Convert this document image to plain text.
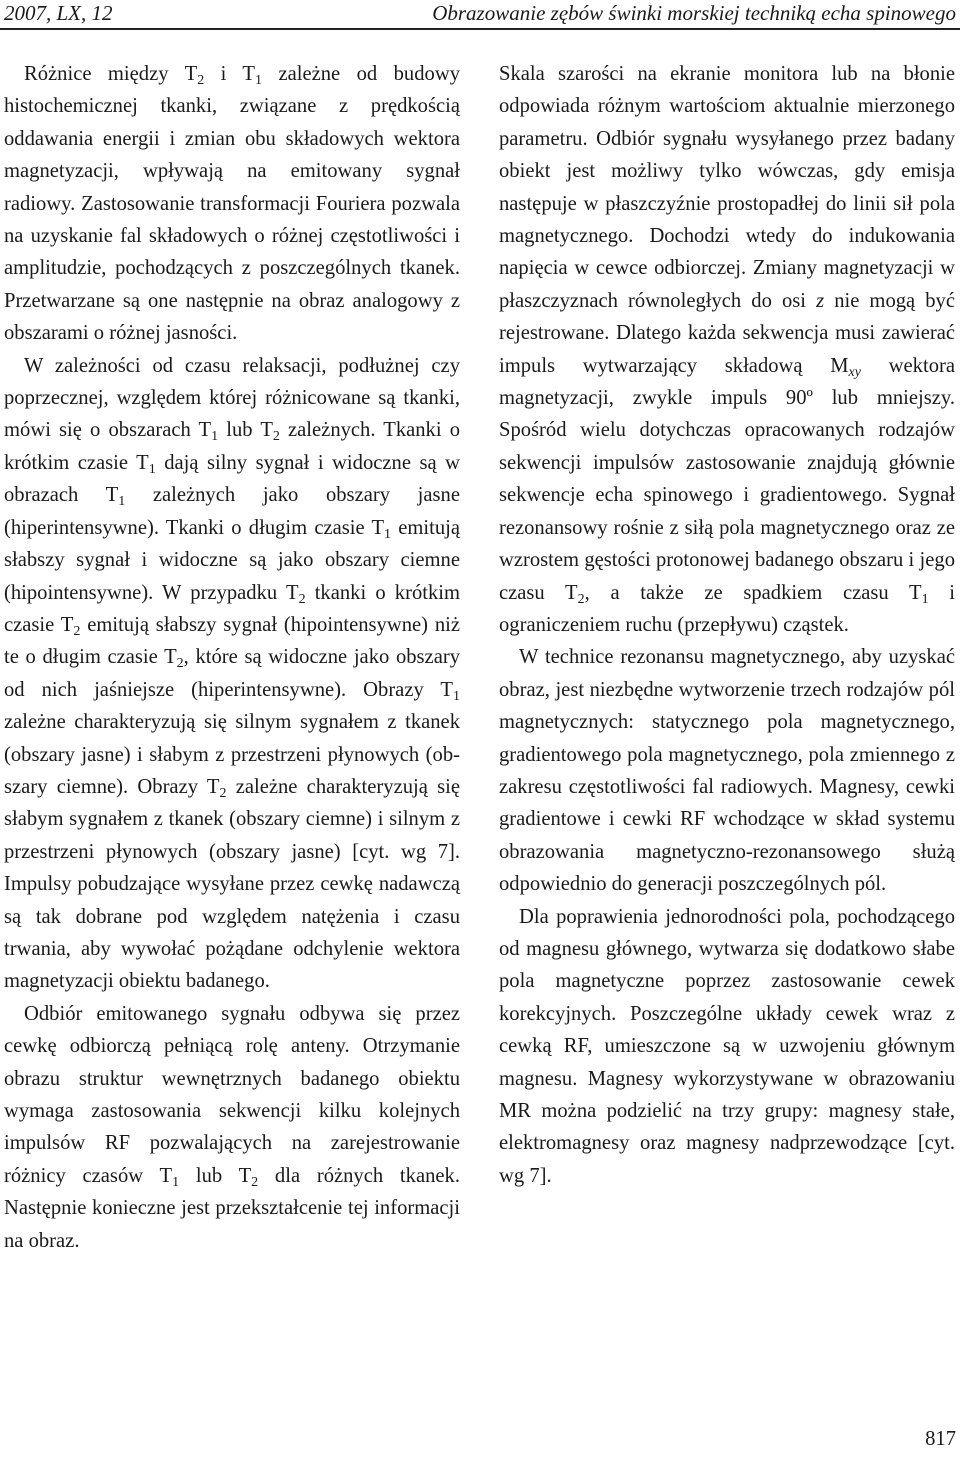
2007, LX, 12	Obrazowanie zębów świnki morskiej techniką echa spinowego

Różnice między $T_2$ i $T_1$ zależne od budowy histochemicznej tkanki, związane z prędkością oddawania energii i zmian obu składowych wektora magnetyzacji, wpływają na emitowany sygnał radiowy. Zastosowanie transformacji Fouriera pozwala na uzyskanie fal składowych o różnej częstotliwości i amplitudzie, pochodzących z poszczególnych tkanek. Przetwarzane są one następnie na obraz analogowy z obszarami o różnej jasności.

W zależności od czasu relaksacji, podłużnej czy poprzecznej, względem której różnicowane są tkanki, mówi się o obszarach $T_1$ lub $T_2$ zależnych. Tkanki o krótkim czasie $T_1$ dają silny sygnał i widoczne są w obrazach $T_1$ zależnych jako obszary jasne (hiperintensywne). Tkanki o długim czasie $T_1$ emitują słabszy sygnał i widoczne są jako obszary ciemne (hipointensywne). W przypadku $T_2$ tkanki o krótkim czasie $T_2$ emitują słabszy sygnał (hipointensywne) niż te o długim czasie $T_2$, które są widoczne jako obszary od nich jaśniejsze (hiperintensywne). Obrazy $T_1$ zależne charakteryzują się silnym sygnałem z tkanek (obszary jasne) i słabym z przestrzeni płynowych (obszary ciemne). Obrazy $T_2$ zależne charakteryzują się słabym sygnałem z tkanek (obszary ciemne) i silnym z przestrzeni płynowych (obszary jasne) [cyt. wg 7]. Impulsy pobudzające wysyłane przez cewkę nadawczą są tak dobrane pod względem natężenia i czasu trwania, aby wywołać pożądane odchylenie wektora magnetyzacji obiektu badanego.

Odbiór emitowanego sygnału odbywa się przez cewkę odbiorczą pełniącą rolę anteny. Otrzymanie obrazu struktur wewnętrznych badanego obiektu wymaga zastosowania sekwencji kilku kolejnych impulsów RF pozwalających na zarejestrowanie różnicy czasów $T_1$ lub $T_2$ dla różnych tkanek. Następnie konieczne jest przekształcenie tej informacji na obraz.

Skala szarości na ekranie monitora lub na błonie odpowiada różnym wartościom aktualnie mierzonego parametru. Odbiór sygnału wysyłanego przez badany obiekt jest możliwy tylko wówczas, gdy emisja następuje w płaszczyźnie prostopadłej do linii sił pola magnetycznego. Dochodzi wtedy do indukowania napięcia w cewce odbiorczej. Zmiany magnetyzacji w płaszczyznach równoległych do osi z nie mogą być rejestrowane. Dlatego każda sekwencja musi zawierać impuls wytwarzający składową $M_{xy}$ wektora magnetyzacji, zwykle impuls 90º lub mniejszy. Spośród wielu dotychczas opracowanych rodzajów sekwencji impulsów zastosowanie znajdują głównie sekwencje echa spinowego i gradientowego. Sygnał rezonansowy rośnie z siłą pola magnetycznego oraz ze wzrostem gęstości protonowej badanego obszaru i jego czasu $T_2$, a także ze spadkiem czasu $T_1$ i ograniczeniem ruchu (przepływu) cząstek.

W technice rezonansu magnetycznego, aby uzyskać obraz, jest niezbędne wytworzenie trzech rodzajów pól magnetycznych: statycznego pola magnetycznego, gradientowego pola magnetycznego, pola zmiennego z zakresu częstotliwości fal radiowych. Magnesy, cewki gradientowe i cewki RF wchodzące w skład systemu obrazowania magnetyczno-rezonansowego służą odpowiednio do generacji poszczególnych pól.

Dla poprawienia jednorodności pola, pochodzącego od magnesu głównego, wytwarza się dodatkowo słabe pola magnetyczne poprzez zastosowanie cewek korekcyjnych. Poszczególne układy cewek wraz z cewką RF, umieszczone są w uzwojeniu głównym magnesu. Magnesy wykorzystywane w obrazowaniu MR można podzielić na trzy grupy: magnesy stałe, elektromagnesy oraz magnesy nadprzewodzące [cyt. wg 7].

817
